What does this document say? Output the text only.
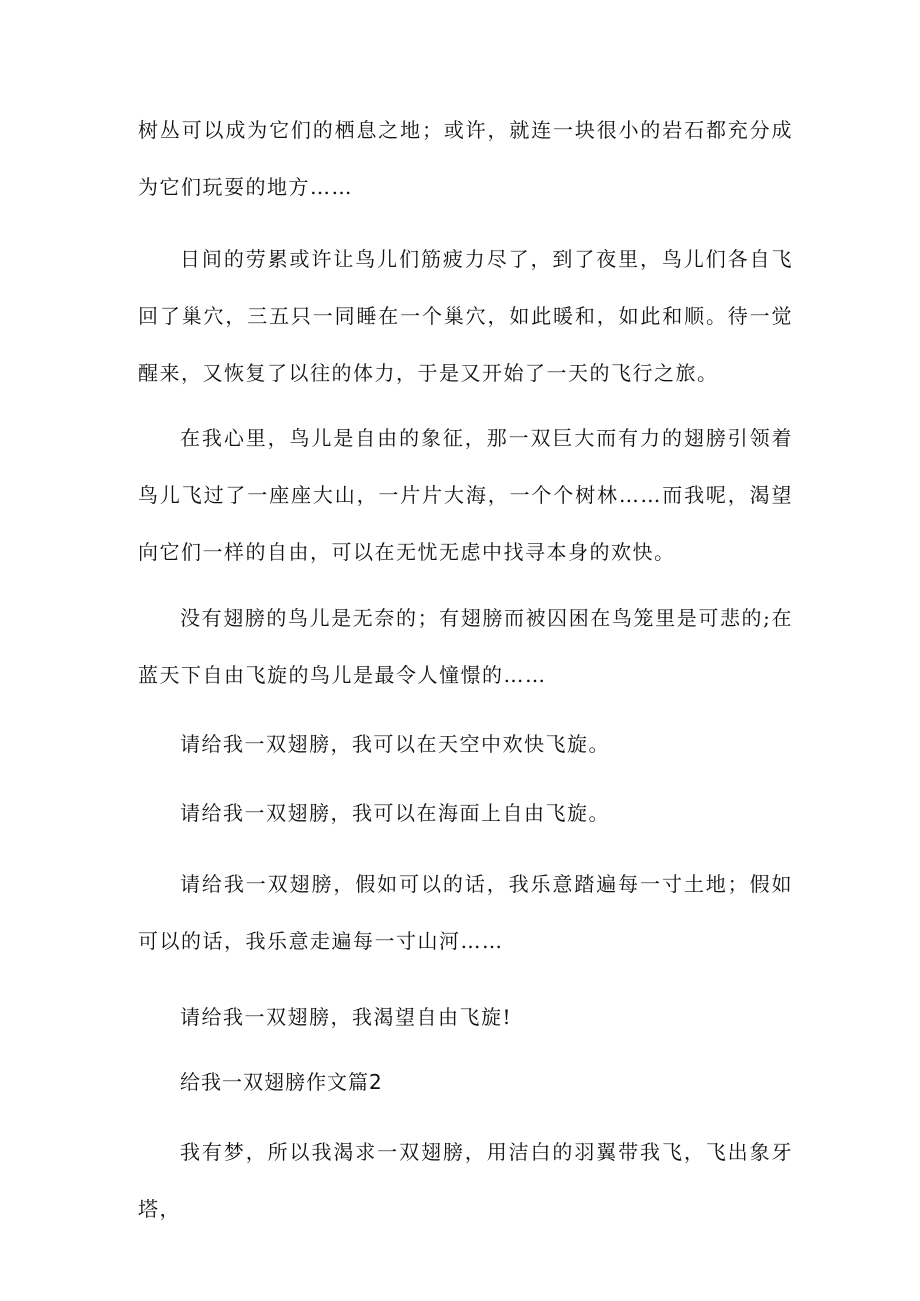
树丛可以成为它们的栖息之地；或许，就连一块很小的岩石都充分成为它们玩耍的地方……

日间的劳累或许让鸟儿们筋疲力尽了，到了夜里，鸟儿们各自飞回了巢穴，三五只一同睡在一个巢穴，如此暖和，如此和顺。待一觉醒来，又恢复了以往的体力，于是又开始了一天的飞行之旅。

在我心里，鸟儿是自由的象征，那一双巨大而有力的翅膀引领着鸟儿飞过了一座座大山，一片片大海，一个个树林……而我呢，渴望向它们一样的自由，可以在无忧无虑中找寻本身的欢快。

没有翅膀的鸟儿是无奈的；有翅膀而被囚困在鸟笼里是可悲的;在蓝天下自由飞旋的鸟儿是最令人憧憬的……

请给我一双翅膀，我可以在天空中欢快飞旋。

请给我一双翅膀，我可以在海面上自由飞旋。

请给我一双翅膀，假如可以的话，我乐意踏遍每一寸土地；假如可以的话，我乐意走遍每一寸山河……

请给我一双翅膀，我渴望自由飞旋!

给我一双翅膀作文篇2

我有梦，所以我渴求一双翅膀，用洁白的羽翼带我飞，飞出象牙塔，
